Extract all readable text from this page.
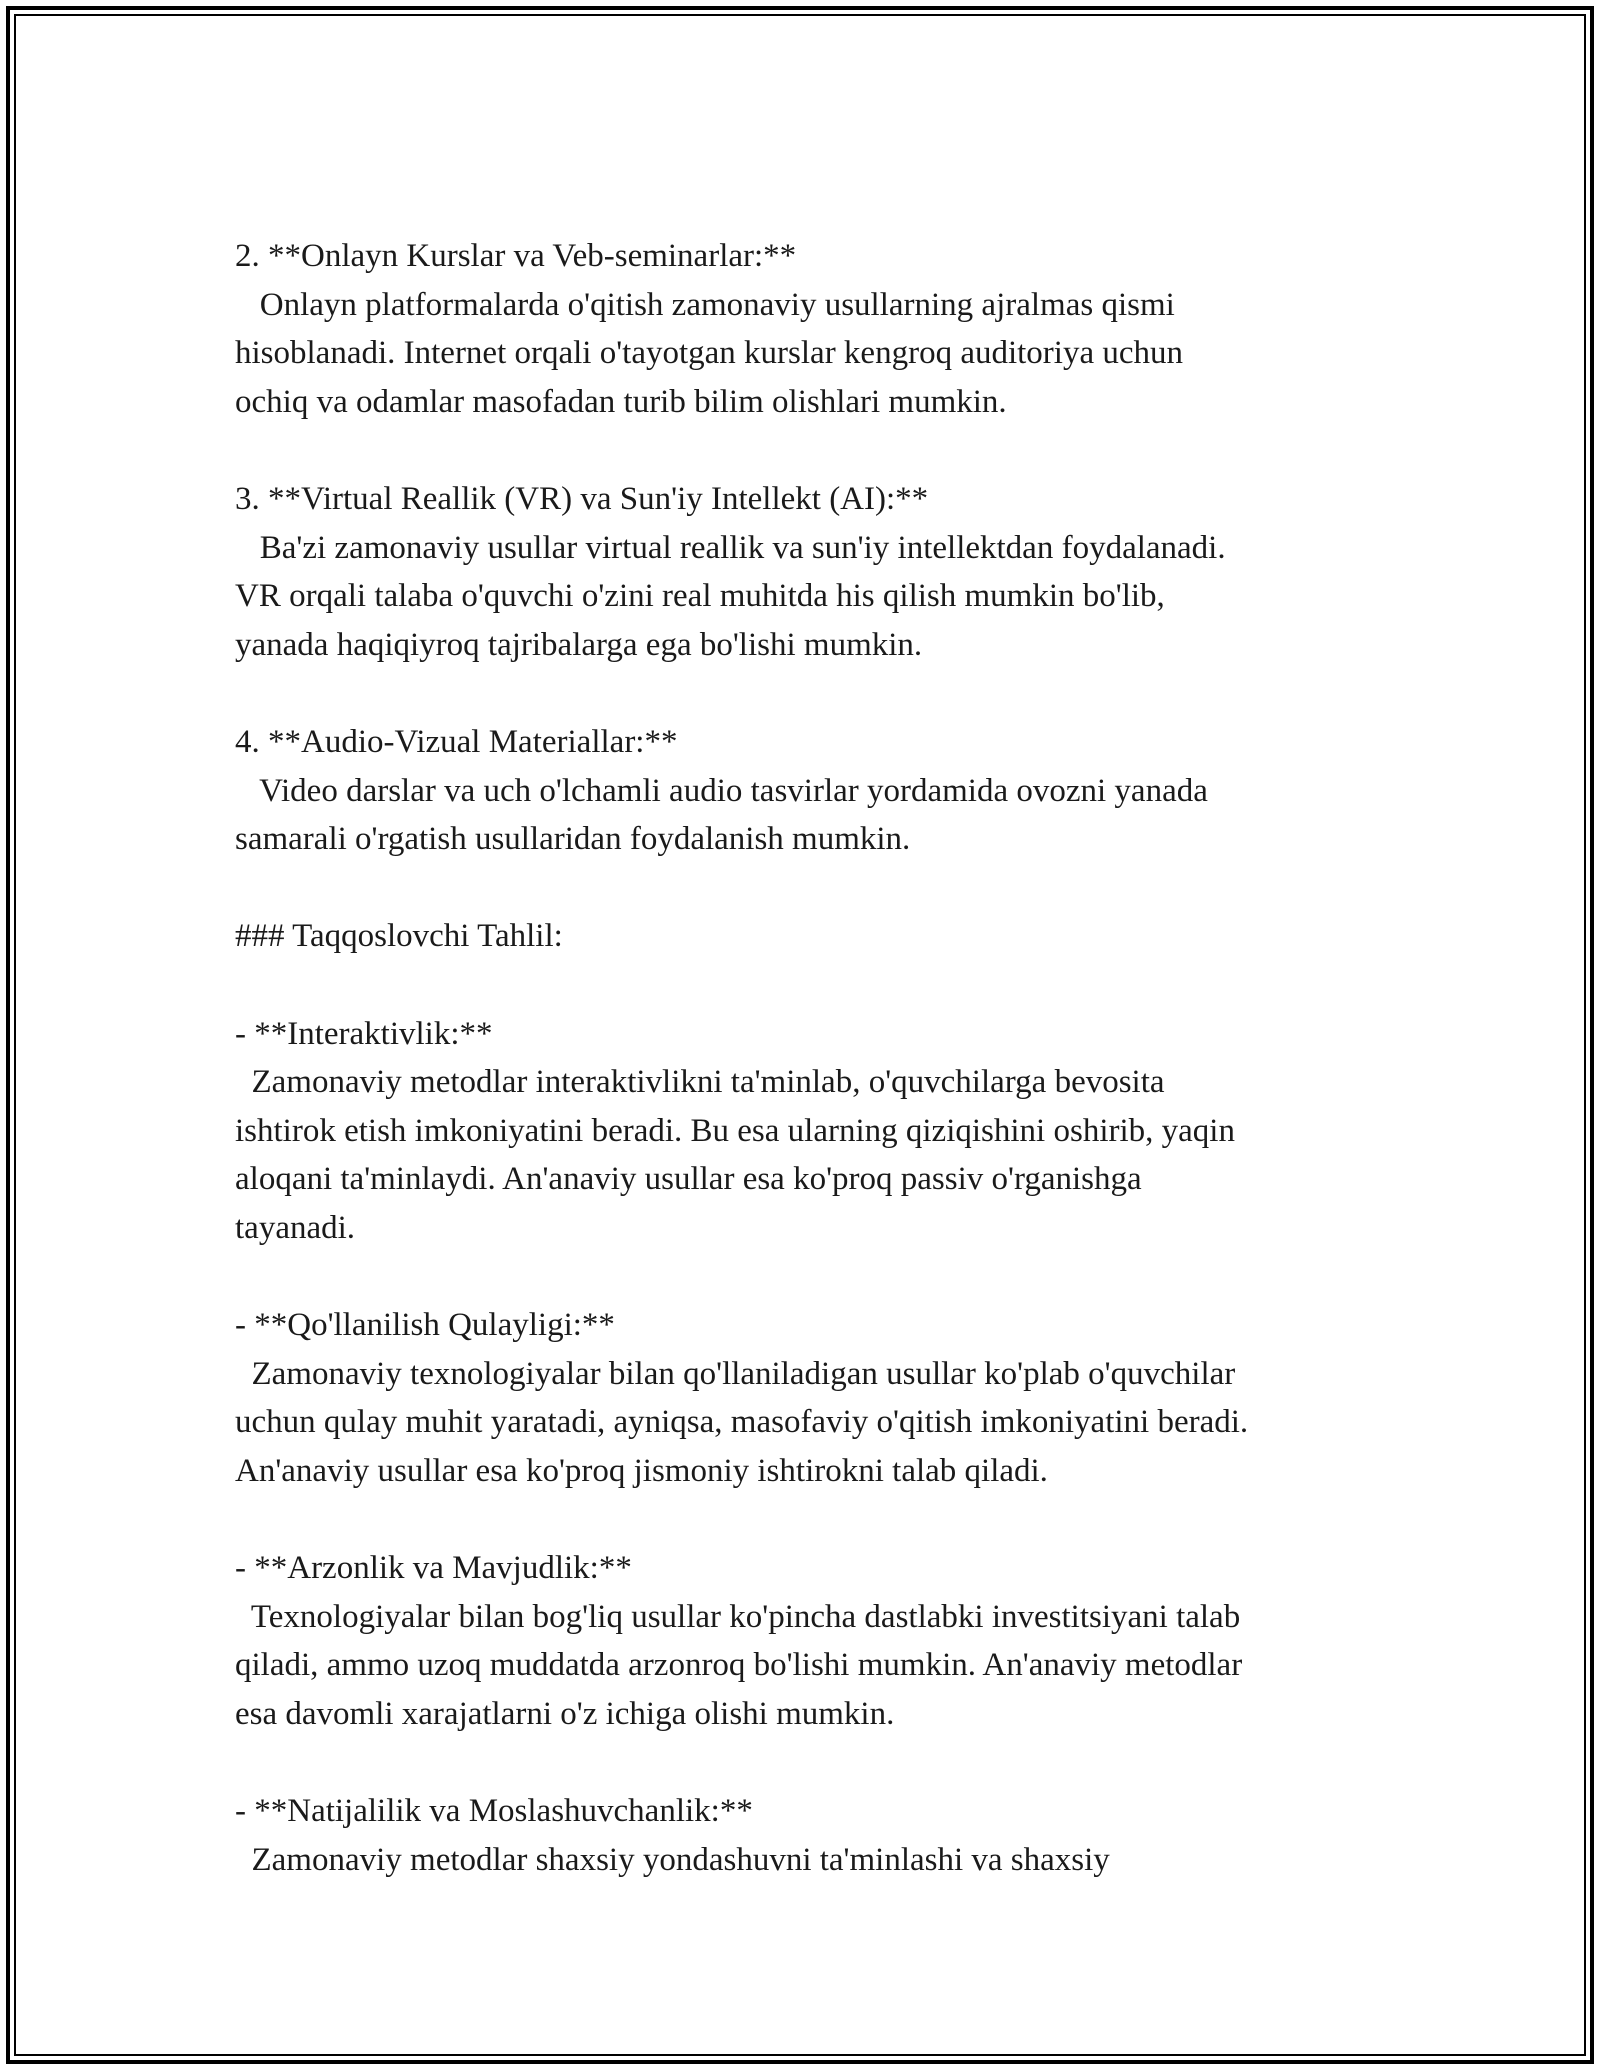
2. **Onlayn Kurslar va Veb-seminarlar:**
Onlayn platformalarda o'qitish zamonaviy usullarning ajralmas qismi
hisoblanadi. Internet orqali o'tayotgan kurslar kengroq auditoriya uchun
ochiq va odamlar masofadan turib bilim olishlari mumkin.
3. **Virtual Reallik (VR) va Sun'iy Intellekt (AI):**
Ba'zi zamonaviy usullar virtual reallik va sun'iy intellektdan foydalanadi.
VR orqali talaba o'quvchi o'zini real muhitda his qilish mumkin bo'lib,
yanada haqiqiyroq tajribalarga ega bo'lishi mumkin.
4. **Audio-Vizual Materiallar:**
Video darslar va uch o'lchamli audio tasvirlar yordamida ovozni yanada
samarali o'rgatish usullaridan foydalanish mumkin.
### Taqqoslovchi Tahlil:
- **Interaktivlik:**
Zamonaviy metodlar interaktivlikni ta'minlab, o'quvchilarga bevosita
ishtirok etish imkoniyatini beradi. Bu esa ularning qiziqishini oshirib, yaqin
aloqani ta'minlaydi. An'anaviy usullar esa ko'proq passiv o'rganishga
tayanadi.
- **Qo'llanilish Qulayligi:**
Zamonaviy texnologiyalar bilan qo'llaniladigan usullar ko'plab o'quvchilar
uchun qulay muhit yaratadi, ayniqsa, masofaviy o'qitish imkoniyatini beradi.
An'anaviy usullar esa ko'proq jismoniy ishtirokni talab qiladi.
- **Arzonlik va Mavjudlik:**
Texnologiyalar bilan bog'liq usullar ko'pincha dastlabki investitsiyani talab
qiladi, ammo uzoq muddatda arzonroq bo'lishi mumkin. An'anaviy metodlar
esa davomli xarajatlarni o'z ichiga olishi mumkin.
- **Natijalilik va Moslashuvchanlik:**
Zamonaviy metodlar shaxsiy yondashuvni ta'minlashi va shaxsiy
